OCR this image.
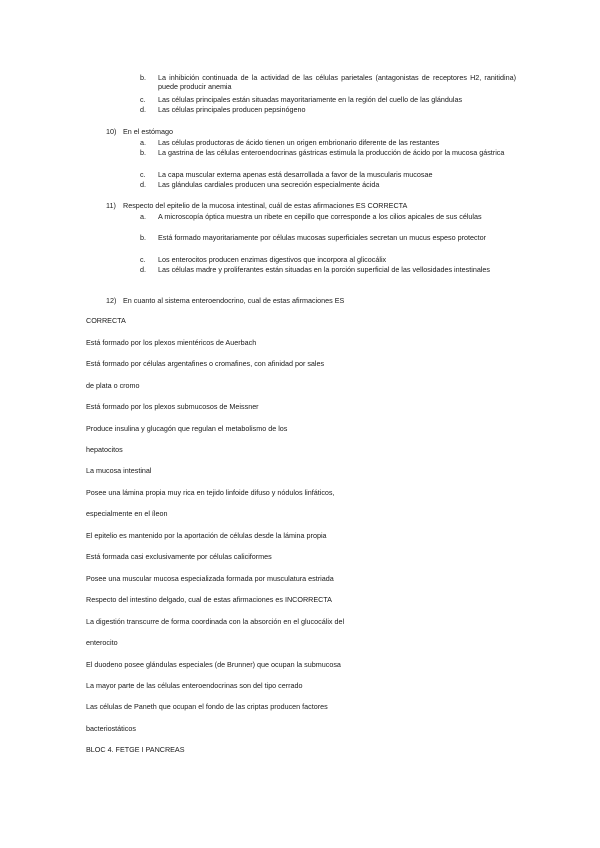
b. La inhibición continuada de la actividad de las células parietales (antagonistas de receptores H2, ranitidina) puede producir anemia
c. Las células principales están situadas mayoritariamente en la región del cuello de las glándulas
d. Las células principales producen pepsinógeno
10) En el estómago
a. Las células productoras de ácido tienen un origen embrionario diferente de las restantes
b. La gastrina de las células enteroendocrinas gástricas estimula la producción de ácido por la mucosa gástrica
c. La capa muscular externa apenas está desarrollada a favor de la muscularis mucosae
d. Las glándulas cardiales producen una secreción especialmente ácida
11) Respecto del epitelio de la mucosa intestinal, cuál de estas afirmaciones ES CORRECTA
a. A microscopía óptica muestra un ribete en cepillo que corresponde a los cilios apicales de sus células
b. Está formado mayoritariamente por células mucosas superficiales secretan un mucus espeso protector
c. Los enterocitos producen enzimas digestivos que incorpora al glicocálix
d. Las células madre y proliferantes están situadas en la porción superficial de las vellosidades intestinales
12) En cuanto al sistema enteroendocrino, cual de estas afirmaciones ES
CORRECTA
Está formado por los plexos mientéricos de Auerbach
Está formado por células argentafines o cromafines, con afinidad por sales
de plata o cromo
Está formado por los plexos submucosos de Meissner
Produce insulina y glucagón que regulan el metabolismo de los
hepatocitos
La mucosa intestinal
Posee una lámina propia muy rica en tejido linfoide difuso y nódulos linfáticos,
especialmente en el íleon
El epitelio es mantenido por la aportación de células desde la lámina propia
Está formada casi exclusivamente por células caliciformes
Posee una muscular mucosa especializada formada por musculatura estriada
Respecto del intestino delgado, cual de estas afirmaciones es INCORRECTA
La digestión transcurre de forma coordinada con la absorción en el glucocálix del
enterocito
El duodeno posee glándulas especiales (de Brunner) que ocupan la submucosa
La mayor parte de las células enteroendocrinas son del tipo cerrado
Las células de Paneth que ocupan el fondo de las criptas producen factores
bacteriostáticos
BLOC 4. FETGE I PANCREAS
